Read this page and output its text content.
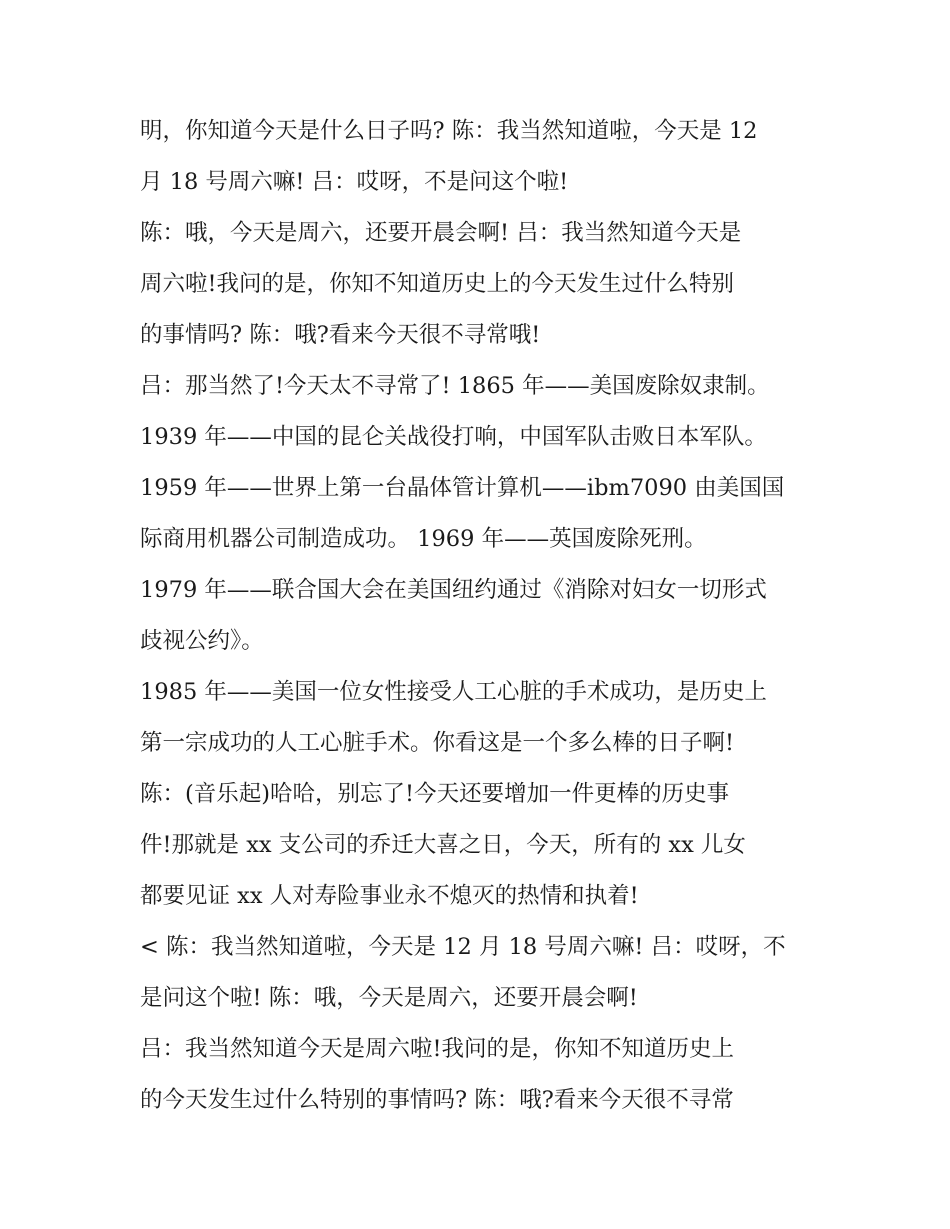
明，你知道今天是什么日子吗? 陈：我当然知道啦，今天是 12
月 18 号周六嘛! 吕：哎呀，不是问这个啦!
陈：哦，今天是周六，还要开晨会啊! 吕：我当然知道今天是
周六啦!我问的是，你知不知道历史上的今天发生过什么特别
的事情吗? 陈：哦?看来今天很不寻常哦!
吕：那当然了!今天太不寻常了! 1865 年——美国废除奴隶制。
1939 年——中国的昆仑关战役打响，中国军队击败日本军队。
1959 年——世界上第一台晶体管计算机——ibm7090 由美国国
际商用机器公司制造成功。 1969 年——英国废除死刑。
1979 年——联合国大会在美国纽约通过《消除对妇女一切形式
歧视公约》。
1985 年——美国一位女性接受人工心脏的手术成功，是历史上
第一宗成功的人工心脏手术。你看这是一个多么棒的日子啊!
陈：(音乐起)哈哈，别忘了!今天还要增加一件更棒的历史事
件!那就是 xx 支公司的乔迁大喜之日，今天，所有的 xx 儿女
都要见证 xx 人对寿险事业永不熄灭的热情和执着!
< 陈：我当然知道啦，今天是 12 月 18 号周六嘛! 吕：哎呀，不
是问这个啦! 陈：哦，今天是周六，还要开晨会啊!
吕：我当然知道今天是周六啦!我问的是，你知不知道历史上
的今天发生过什么特别的事情吗? 陈：哦?看来今天很不寻常
